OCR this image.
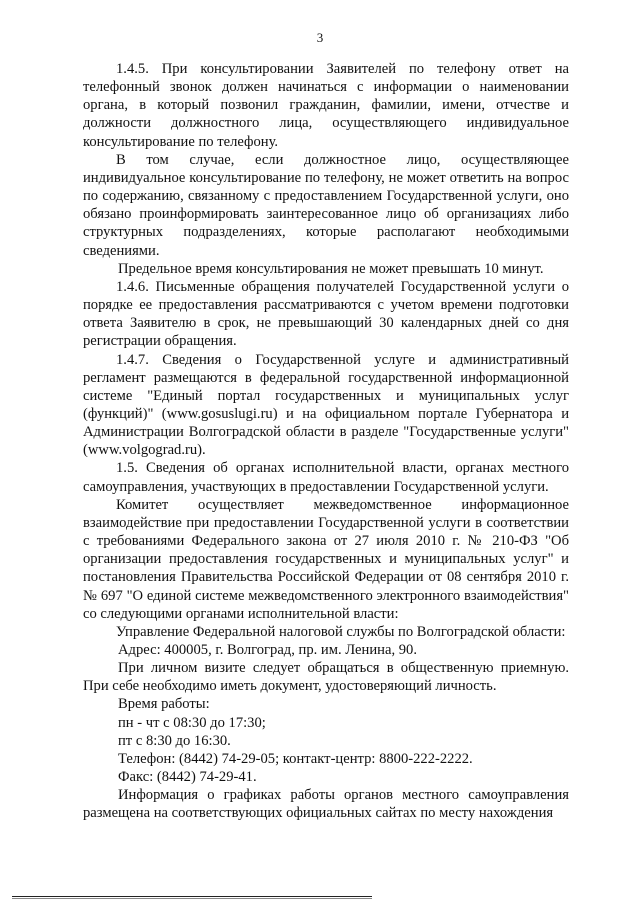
3

1.4.5. При консультировании Заявителей по телефону ответ на телефонный звонок должен начинаться с информации о наименовании органа, в который позвонил гражданин, фамилии, имени, отчестве и должности должностного лица, осуществляющего индивидуальное консультирование по телефону.

В том случае, если должностное лицо, осуществляющее индивидуальное консультирование по телефону, не может ответить на вопрос по содержанию, связанному с предоставлением Государственной услуги, оно обязано проинформировать заинтересованное лицо об организациях либо структурных подразделениях, которые располагают необходимыми сведениями.

Предельное время консультирования не может превышать 10 минут.

1.4.6. Письменные обращения получателей Государственной услуги о порядке ее предоставления рассматриваются с учетом времени подготовки ответа Заявителю в срок, не превышающий 30 календарных дней со дня регистрации обращения.

1.4.7. Сведения о Государственной услуге и административный регламент размещаются в федеральной государственной информационной системе "Единый портал государственных и муниципальных услуг (функций)" (www.gosuslugi.ru) и на официальном портале Губернатора и Администрации Волгоградской области в разделе "Государственные услуги" (www.volgograd.ru).

1.5. Сведения об органах исполнительной власти, органах местного самоуправления, участвующих в предоставлении Государственной услуги.

Комитет осуществляет межведомственное информационное взаимодействие при предоставлении Государственной услуги в соответствии с требованиями Федерального закона от 27 июля 2010 г. № 210-ФЗ "Об организации предоставления государственных и муниципальных услуг" и постановления Правительства Российской Федерации от 08 сентября 2010 г. № 697 "О единой системе межведомственного электронного взаимодействия" со следующими органами исполнительной власти:

Управление Федеральной налоговой службы по Волгоградской области:

Адрес: 400005, г. Волгоград, пр. им. Ленина, 90.

При личном визите следует обращаться в общественную приемную. При себе необходимо иметь документ, удостоверяющий личность.

Время работы:

пн - чт с 08:30 до 17:30;

пт с 8:30 до 16:30.

Телефон: (8442) 74-29-05; контакт-центр: 8800-222-2222.

Факс: (8442) 74-29-41.

Информация о графиках работы органов местного самоуправления размещена на соответствующих официальных сайтах по месту нахождения
